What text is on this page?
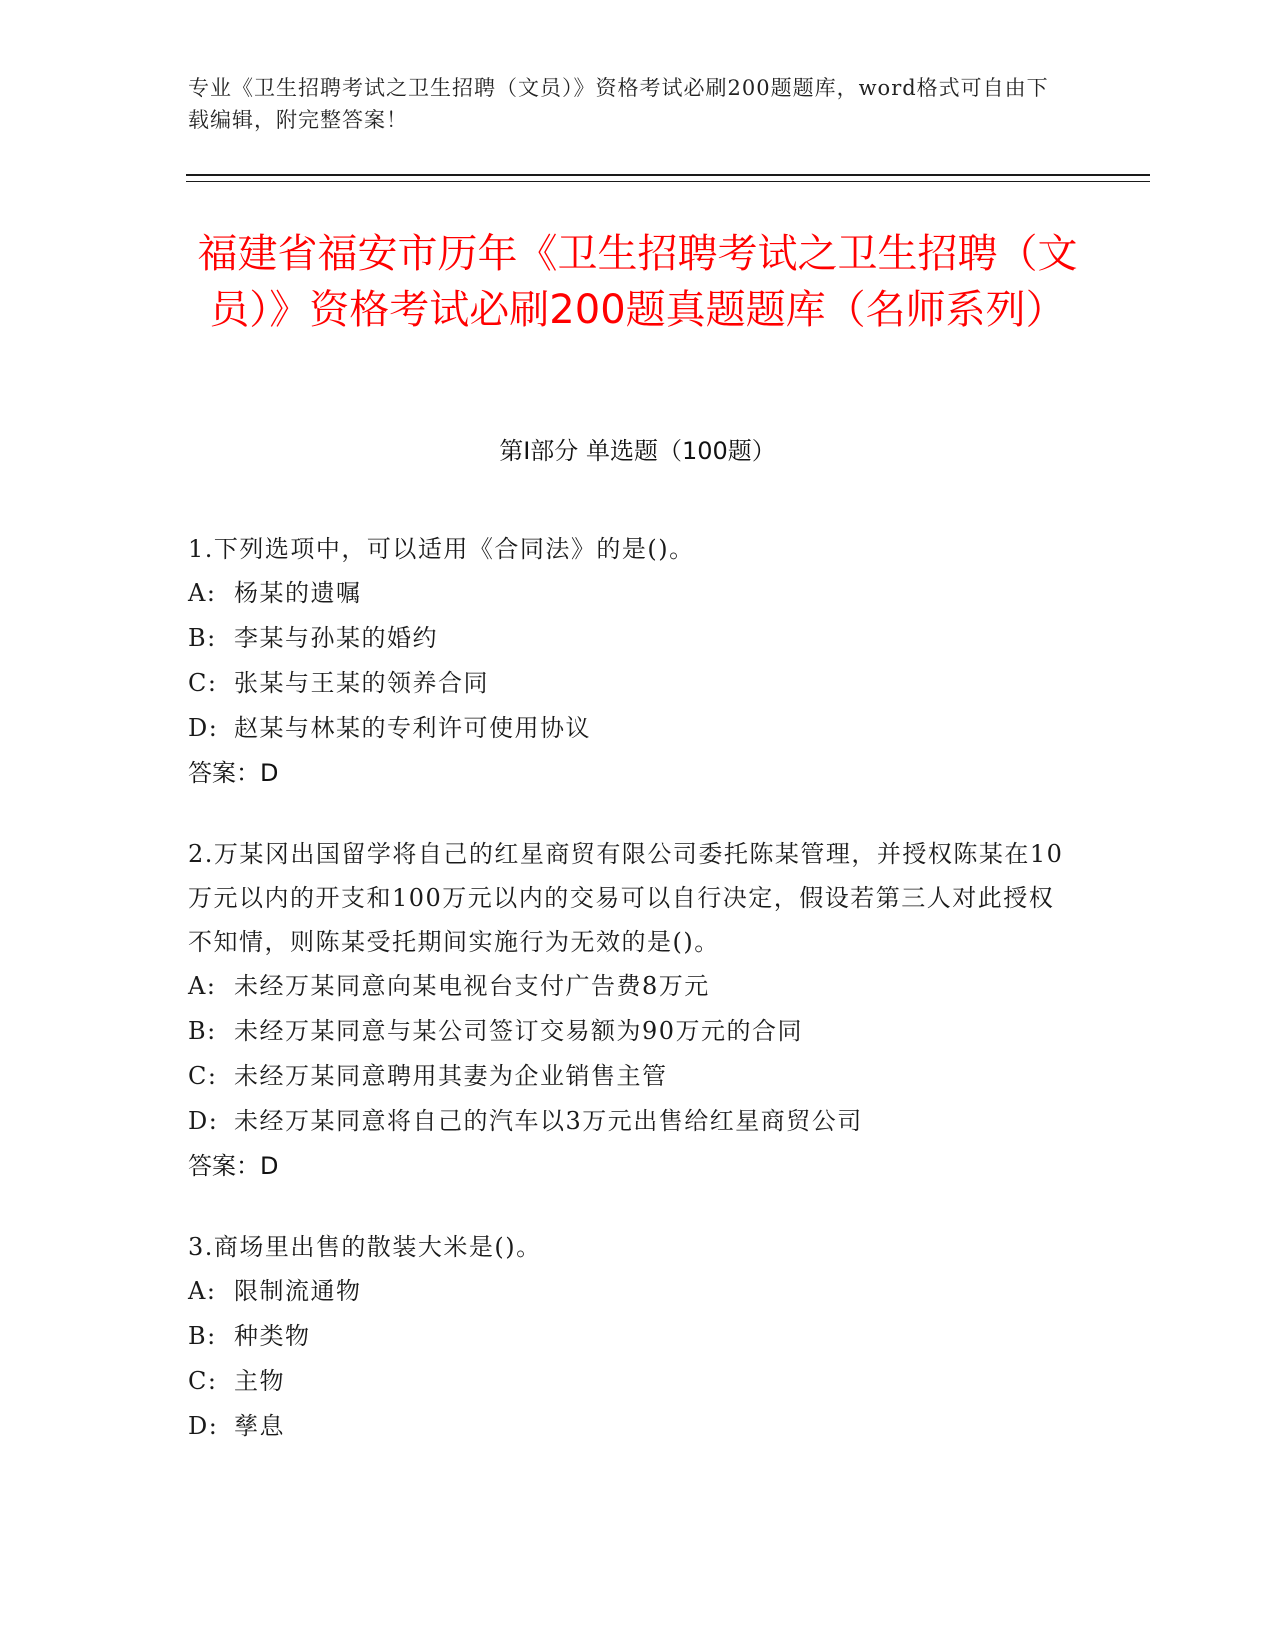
专业《卫生招聘考试之卫生招聘（文员）》资格考试必刷200题题库，word格式可自由下载编辑，附完整答案！
福建省福安市历年《卫生招聘考试之卫生招聘（文员）》资格考试必刷200题真题题库（名师系列）
第I部分 单选题（100题）
1.下列选项中，可以适用《合同法》的是()。
A: 杨某的遗嘱
B: 李某与孙某的婚约
C: 张某与王某的领养合同
D: 赵某与林某的专利许可使用协议
答案：D
2.万某冈出国留学将自己的红星商贸有限公司委托陈某管理，并授权陈某在10万元以内的开支和100万元以内的交易可以自行决定，假设若第三人对此授权不知情，则陈某受托期间实施行为无效的是()。
A: 未经万某同意向某电视台支付广告费8万元
B: 未经万某同意与某公司签订交易额为90万元的合同
C: 未经万某同意聘用其妻为企业销售主管
D: 未经万某同意将自己的汽车以3万元出售给红星商贸公司
答案：D
3.商场里出售的散装大米是()。
A: 限制流通物
B: 种类物
C: 主物
D: 孳息
